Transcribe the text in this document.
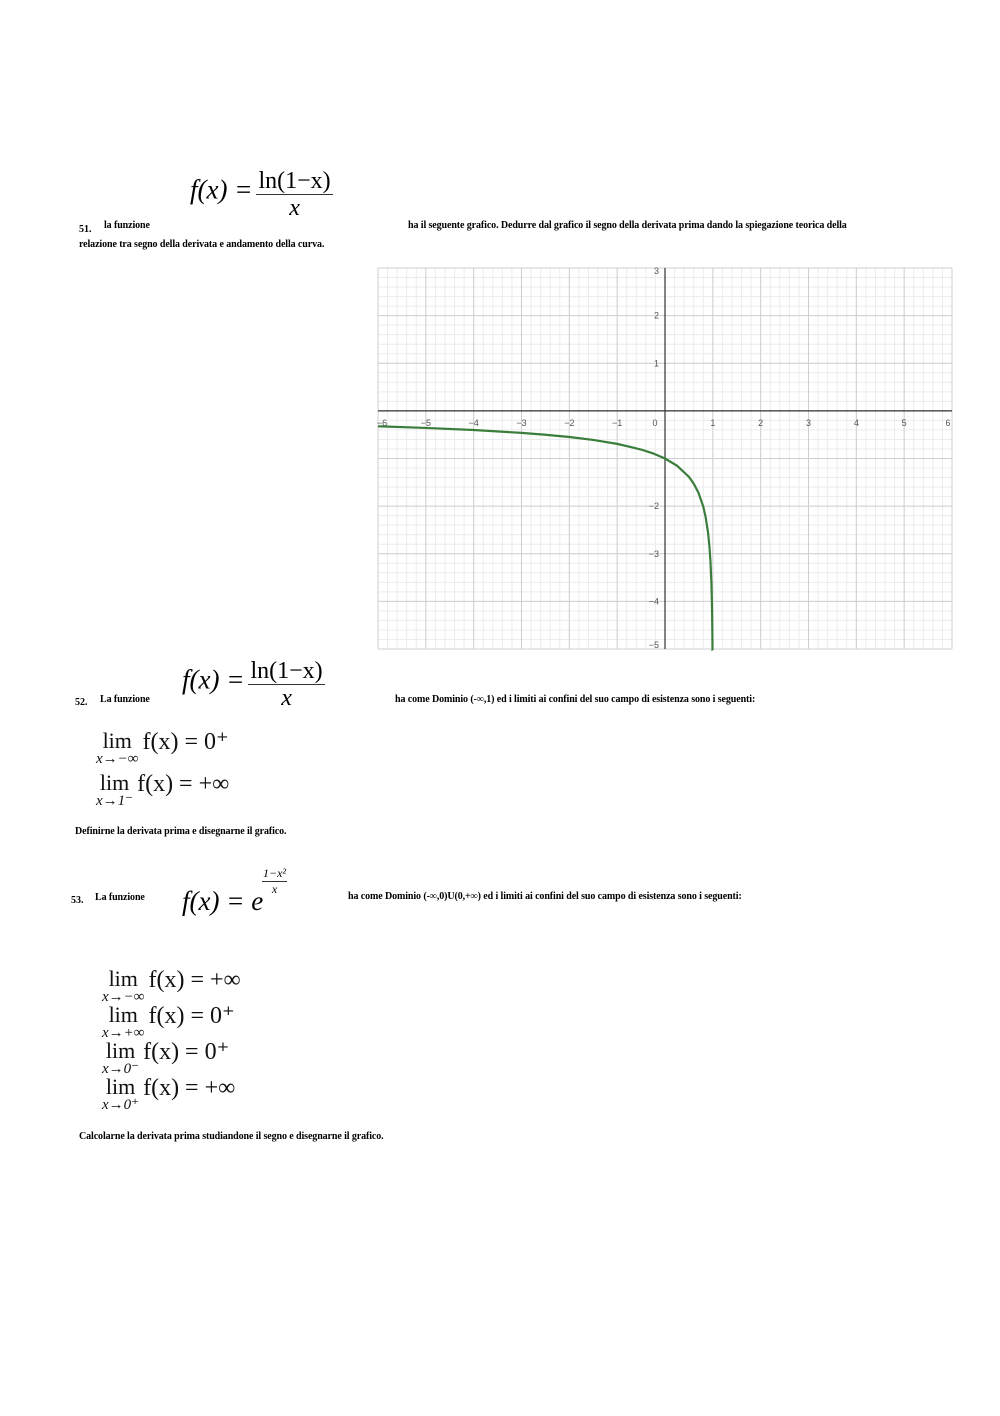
$f(x) = \frac{\ln(1-x)}{x}$
51. la funzione	ha il seguente grafico. Dedurre dal grafico il segno della derivata prima dando la spiegazione teorica della
relazione tra segno della derivata e andamento della curva.
−6	−5	−4	−3	−2	−1	0	1	2	3	4	5	6
3
2
1
−2
−3
−4
−5
$f(x) = \frac{\ln(1-x)}{x}$
52. La funzione	ha come Dominio (-∞,1) ed i limiti ai confini del suo campo di esistenza sono i seguenti:
lim
x→−∞
f(x) = 0⁺
lim
x→1⁻
f(x) = +∞
Definirne la derivata prima e disegnarne il grafico.
f(x) = e
$\frac{\text{1−x²}}{x}$
53. La funzione	ha come Dominio (-∞,0)U(0,+∞) ed i limiti ai confini del suo campo di esistenza sono i seguenti:
lim
x→−∞
f(x) = +∞
lim
x→+∞
f(x) = 0⁺
lim
x→0⁻
f(x) = 0⁺
lim
x→0⁺
f(x) = +∞
Calcolarne la derivata prima studiandone il segno e disegnarne il grafico.
